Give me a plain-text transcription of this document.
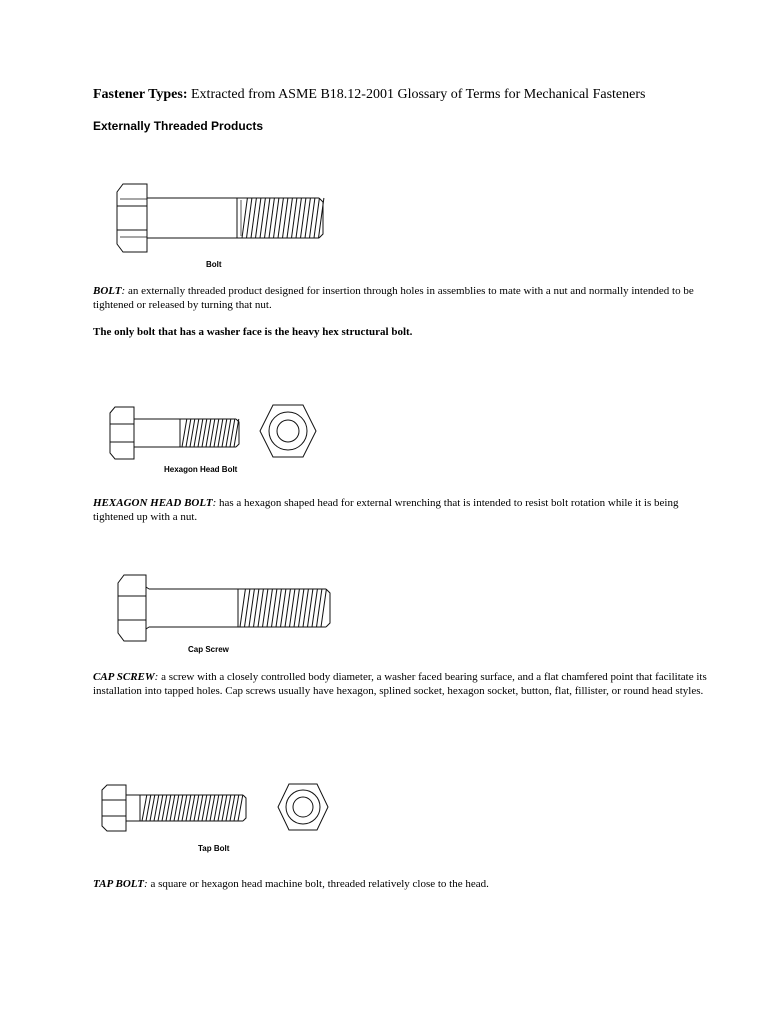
Fastener Types: Extracted from ASME B18.12-2001 Glossary of Terms for Mechanical Fasteners
Externally Threaded Products
Bolt
BOLT: an externally threaded product designed for insertion through holes in assemblies to mate with a nut and normally intended to be tightened or released by turning that nut.
The only bolt that has a washer face is the heavy hex structural bolt.
Hexagon Head Bolt
HEXAGON HEAD BOLT: has a hexagon shaped head for external wrenching that is intended to resist bolt rotation while it is being tightened up with a nut.
Cap Screw
CAP SCREW: a screw with a closely controlled body diameter, a washer faced bearing surface, and a flat chamfered point that facilitate its installation into tapped holes. Cap screws usually have hexagon, splined socket, hexagon socket, button, flat, fillister, or round head styles.
Tap Bolt
TAP BOLT: a square or hexagon head machine bolt, threaded relatively close to the head.
